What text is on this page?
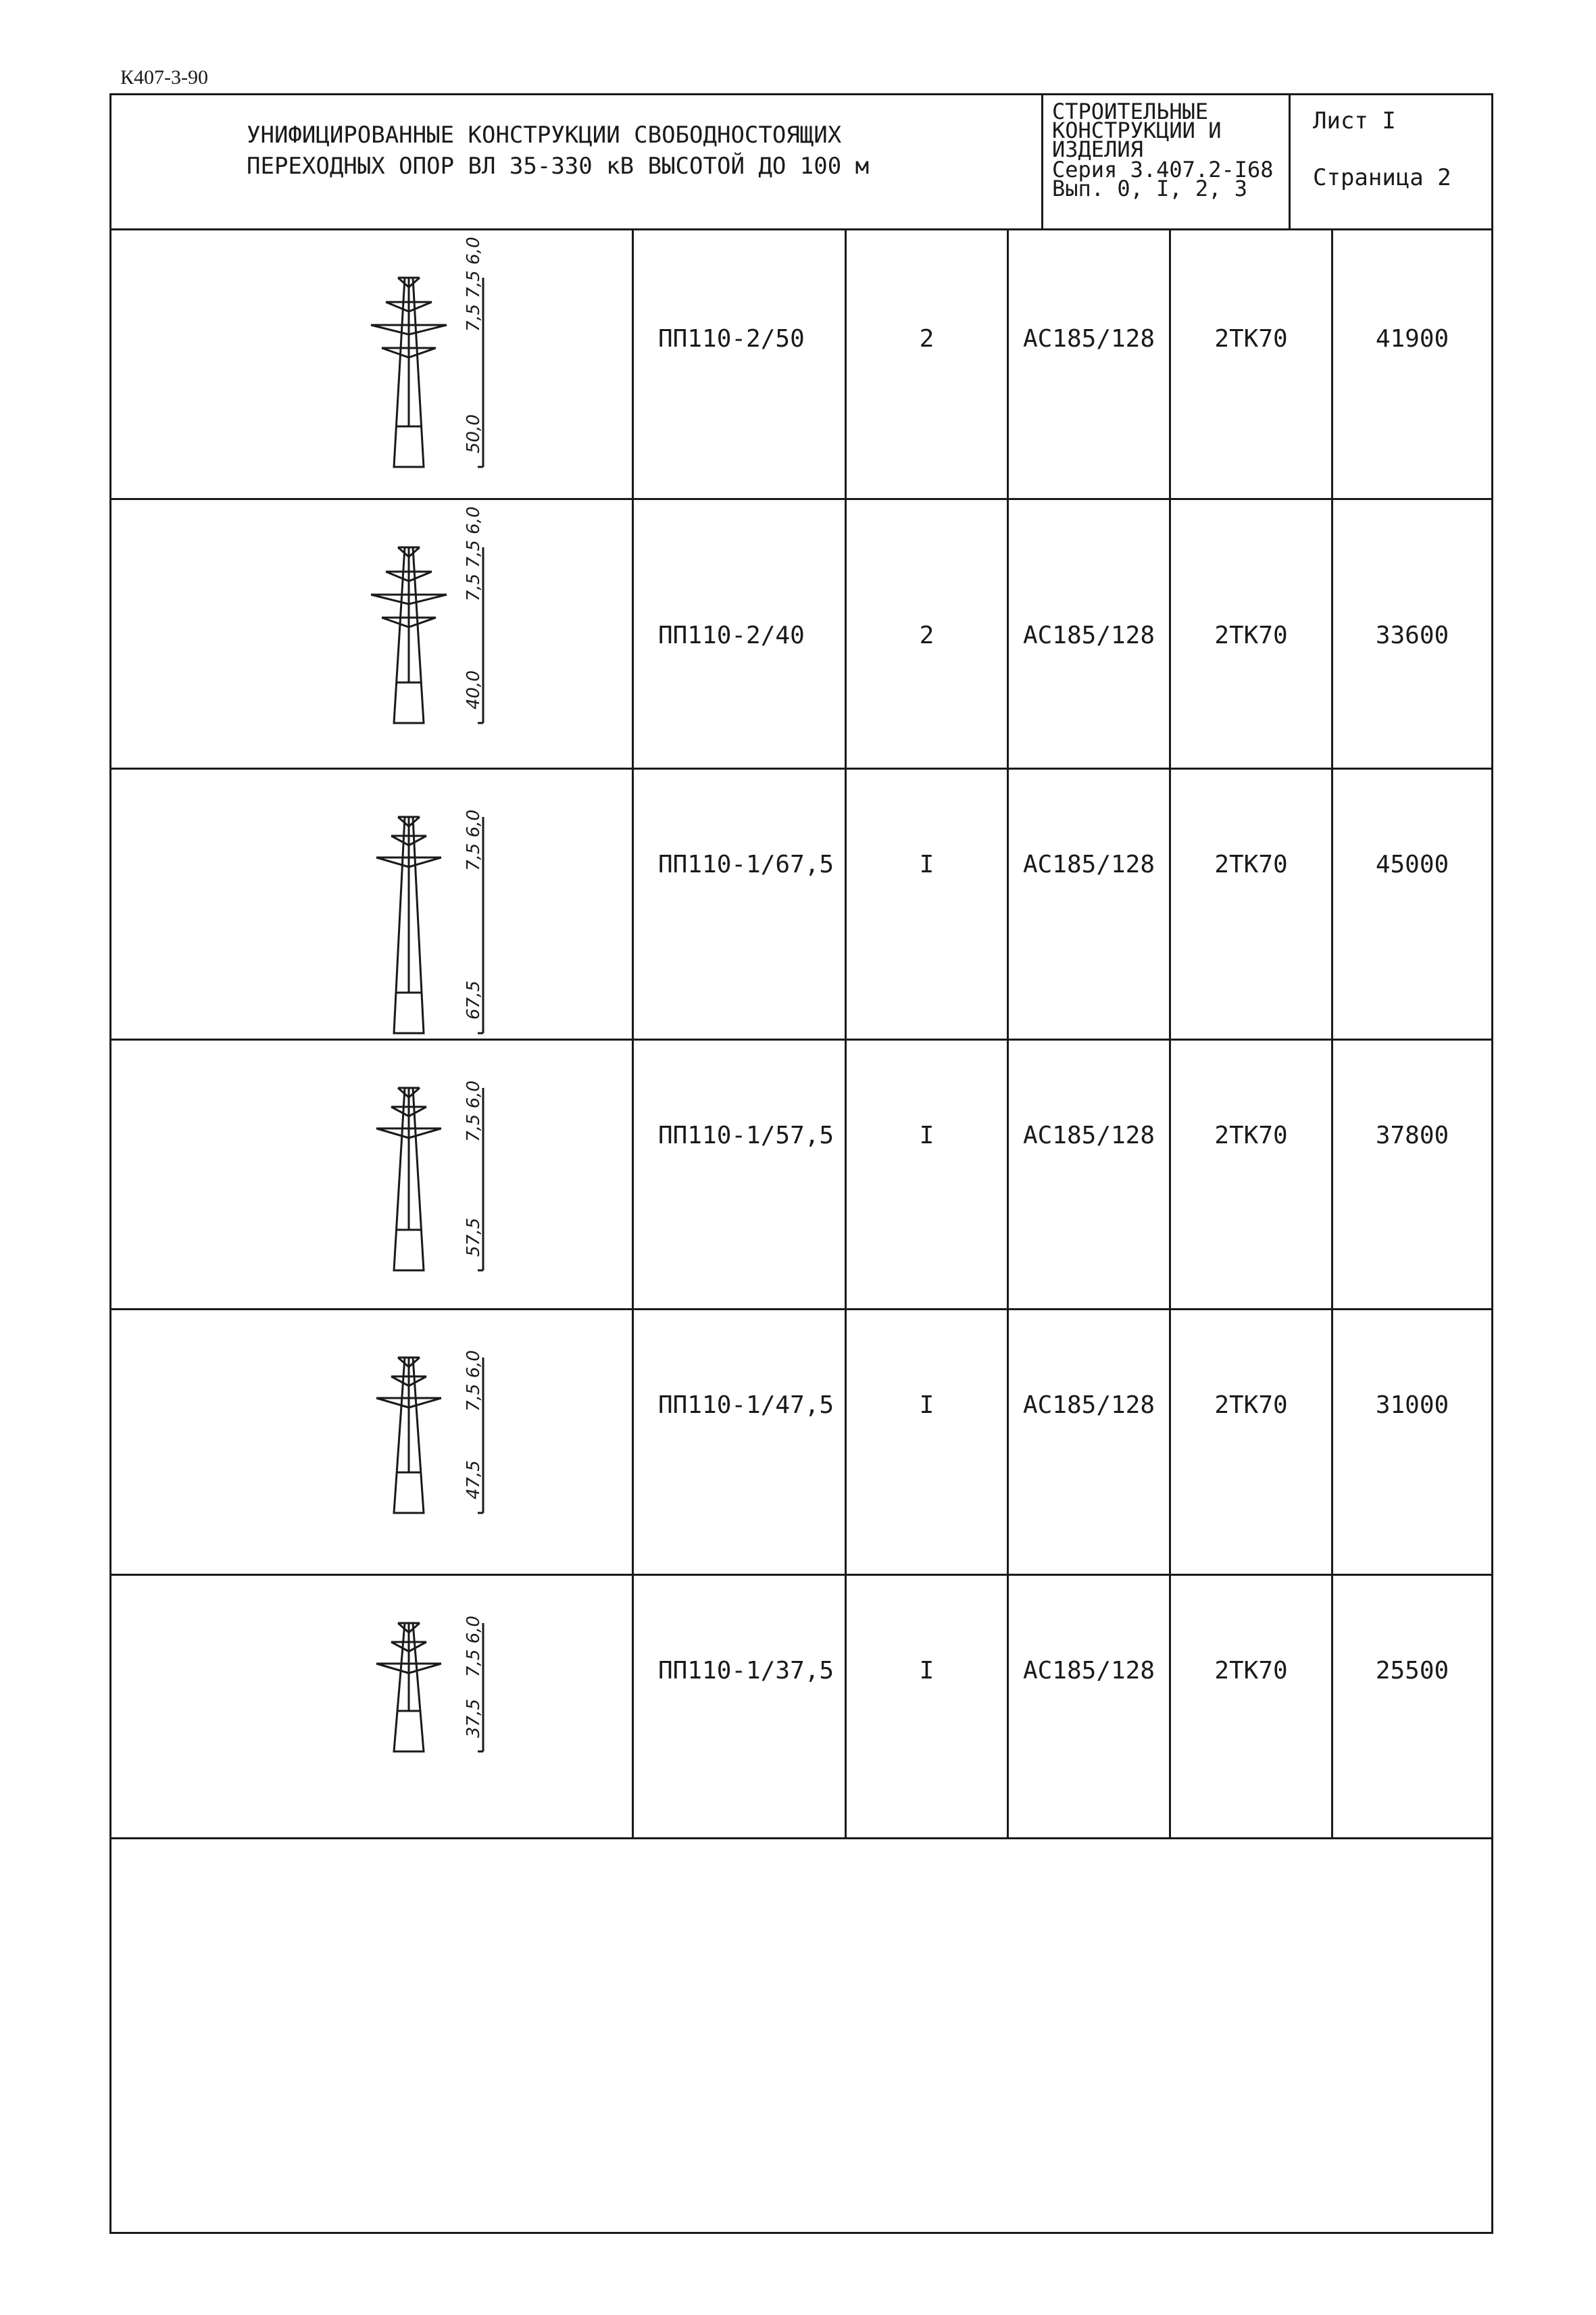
К407-3-90
УНИФИЦИРОВАННЫЕ КОНСТРУКЦИИ СВОБОДНОСТОЯЩИХ
ПЕРЕХОДНЫХ ОПОР ВЛ 35-330 кВ ВЫСОТОЙ ДО 100 м
СТРОИТЕЛЬНЫЕ
КОНСТРУКЦИИ И
ИЗДЕЛИЯ
Серия 3.407.2-I68
Вып. 0, I, 2, 3
Лист I
Страница 2
ПП110-2/50	2	АС185/128	2ТК70	41900
7,5 7,5 6,0
50,0
ПП110-2/40	2	АС185/128	2ТК70	33600
7,5 7,5 6,0
40,0
ПП110-1/67,5	I	АС185/128	2ТК70	45000
7,5 6,0
67,5
ПП110-1/57,5	I	АС185/128	2ТК70	37800
7,5 6,0
57,5
ПП110-1/47,5	I	АС185/128	2ТК70	31000
7,5 6,0
47,5
ПП110-1/37,5	I	АС185/128	2ТК70	25500
7,5 6,0
37,5
